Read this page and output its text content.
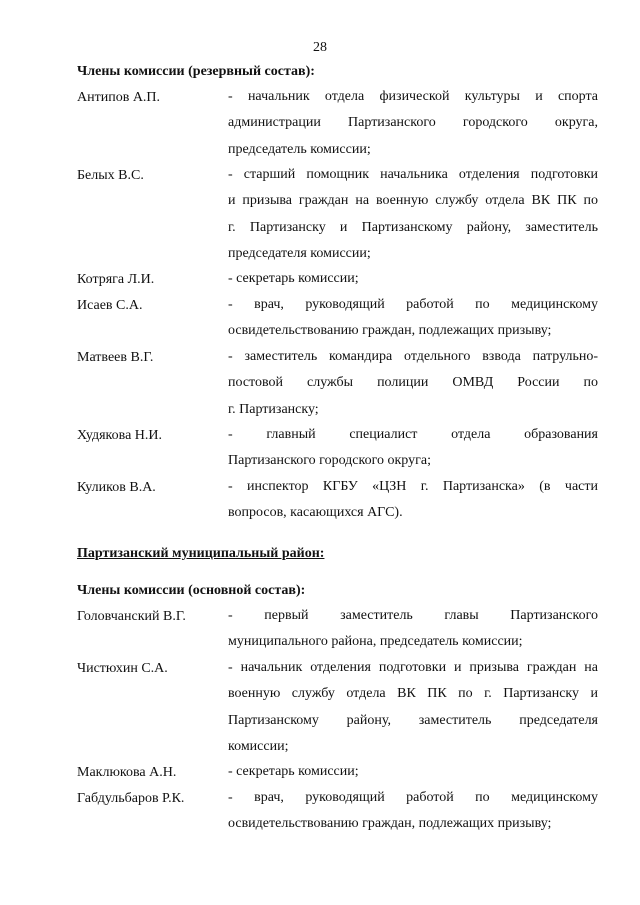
28
Члены комиссии (резервный состав):
Антипов А.П.	- начальник отдела физической культуры и спорта
администрации Партизанского городского округа,
председатель комиссии;
Белых В.С.	- старший помощник начальника отделения подготовки
и призыва граждан на военную службу отдела ВК ПК по
г. Партизанску и Партизанскому району, заместитель
председателя комиссии;
Котряга Л.И.	- секретарь комиссии;
Исаев С.А.	- врач, руководящий работой по медицинскому
освидетельствованию граждан, подлежащих призыву;
Матвеев В.Г.	- заместитель командира отдельного взвода патрульно-
постовой службы полиции ОМВД России по
г. Партизанску;
Худякова Н.И.	- главный специалист отдела образования
Партизанского городского округа;
Куликов В.А.	- инспектор КГБУ «ЦЗН г. Партизанска» (в части
вопросов, касающихся АГС).
Партизанский муниципальный район:
Члены комиссии (основной состав):
Головчанский В.Г.	- первый заместитель главы Партизанского
муниципального района, председатель комиссии;
Чистюхин С.А.	- начальник отделения подготовки и призыва граждан на
военную службу отдела ВК ПК по г. Партизанску и
Партизанскому району, заместитель председателя
комиссии;
Маклюкова А.Н.	- секретарь комиссии;
Габдульбаров Р.К.	- врач, руководящий работой по медицинскому
освидетельствованию граждан, подлежащих призыву;
